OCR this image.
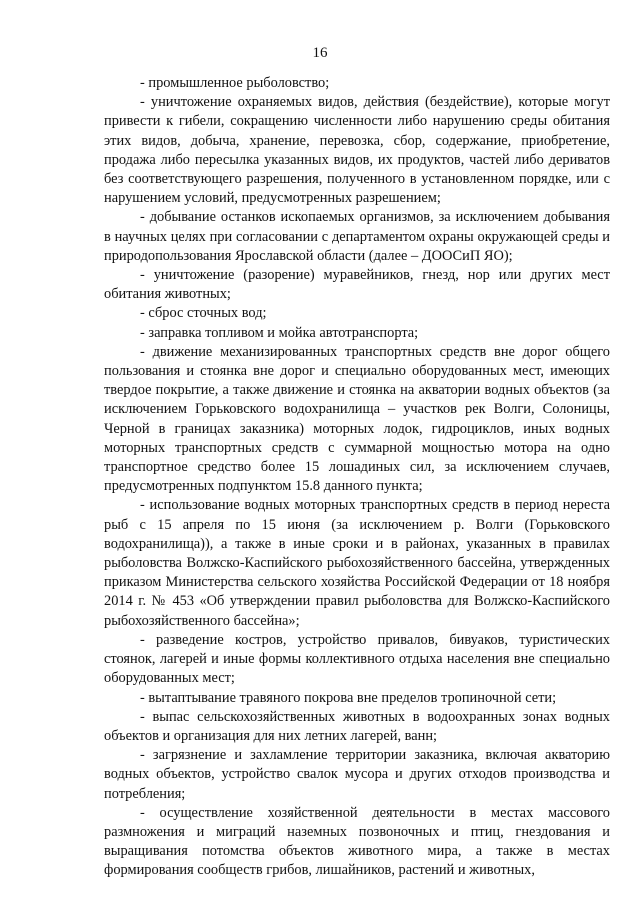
16

- промышленное рыболовство;

- уничтожение охраняемых видов, действия (бездействие), которые могут привести к гибели, сокращению численности либо нарушению среды обитания этих видов, добыча, хранение, перевозка, сбор, содержание, приобретение, продажа либо пересылка указанных видов, их продуктов, частей либо дериватов без соответствующего разрешения, полученного в установленном порядке, или с нарушением условий, предусмотренных разрешением;

- добывание останков ископаемых организмов, за исключением добывания в научных целях при согласовании с департаментом охраны окружающей среды и природопользования Ярославской области (далее – ДООСиП ЯО);

- уничтожение (разорение) муравейников, гнезд, нор или других мест обитания животных;

- сброс сточных вод;

- заправка топливом и мойка автотранспорта;

- движение механизированных транспортных средств вне дорог общего пользования и стоянка вне дорог и специально оборудованных мест, имеющих твердое покрытие, а также движение и стоянка на акватории водных объектов (за исключением Горьковского водохранилища – участков рек Волги, Солоницы, Черной в границах заказника) моторных лодок, гидроциклов, иных водных моторных транспортных средств с суммарной мощностью мотора на одно транспортное средство более 15 лошадиных сил, за исключением случаев, предусмотренных подпунктом 15.8 данного пункта;

- использование водных моторных транспортных средств в период нереста рыб с 15 апреля по 15 июня (за исключением р. Волги (Горьковского водохранилища)), а также в иные сроки и в районах, указанных в правилах рыболовства Волжско-Каспийского рыбохозяйственного бассейна, утвержденных приказом Министерства сельского хозяйства Российской Федерации от 18 ноября 2014 г. № 453 «Об утверждении правил рыболовства для Волжско-Каспийского рыбохозяйственного бассейна»;

- разведение костров, устройство привалов, бивуаков, туристических стоянок, лагерей и иные формы коллективного отдыха населения вне специально оборудованных мест;

- вытаптывание травяного покрова вне пределов тропиночной сети;

- выпас сельскохозяйственных животных в водоохранных зонах водных объектов и организация для них летних лагерей, ванн;

- загрязнение и захламление территории заказника, включая акваторию водных объектов, устройство свалок мусора и других отходов производства и потребления;

- осуществление хозяйственной деятельности в местах массового размножения и миграций наземных позвоночных и птиц, гнездования и выращивания потомства объектов животного мира, а также в местах формирования сообществ грибов, лишайников, растений и животных,
